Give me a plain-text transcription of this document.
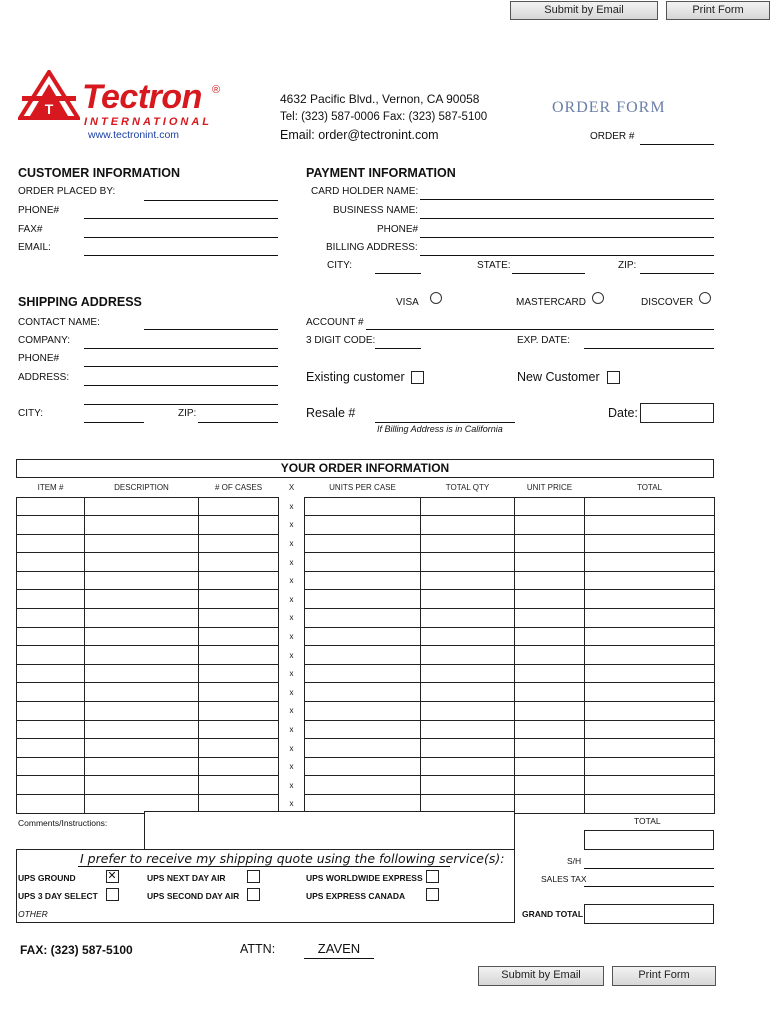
Submit by Email	Print Form
T Tectron ®
INTERNATIONAL
www.tectronint.com
4632 Pacific Blvd., Vernon, CA 90058
Tel: (323) 587-0006 Fax: (323) 587-5100
Email: order@tectronint.com
ORDER FORM
ORDER #
CUSTOMER INFORMATION
ORDER PLACED BY:
PHONE#
FAX#
EMAIL:
PAYMENT INFORMATION
CARD HOLDER NAME:
BUSINESS NAME:
PHONE#
BILLING ADDRESS:
CITY:	STATE:	ZIP:
SHIPPING ADDRESS	VISA	MASTERCARD	DISCOVER
CONTACT NAME:	ACCOUNT #
COMPANY:	3 DIGIT CODE:	EXP. DATE:
PHONE#
ADDRESS:	Existing customer	New Customer
CITY:	ZIP:	Resale #
If Billing Address is in California
Date:
YOUR ORDER INFORMATION
ITEM #	DESCRIPTION	# OF CASES	X	UNITS PER CASE	TOTAL QTY	UNIT PRICE	TOTAL
			x				
			x				
			x				
			x				
			x				
			x				
			x				
			x				
			x				
			x				
			x				
			x				
			x				
			x				
			x				
			x				
			x				
Comments/Instructions:	TOTAL
I prefer to receive my shipping quote using the following service(s):
UPS GROUND ✕	UPS NEXT DAY AIR	UPS WORLDWIDE EXPRESS
UPS 3 DAY SELECT	UPS SECOND DAY AIR	UPS EXPRESS CANADA
OTHER
S/H
SALES TAX
GRAND TOTAL
FAX: (323) 587-5100	ATTN:	ZAVEN
Submit by Email	Print Form
